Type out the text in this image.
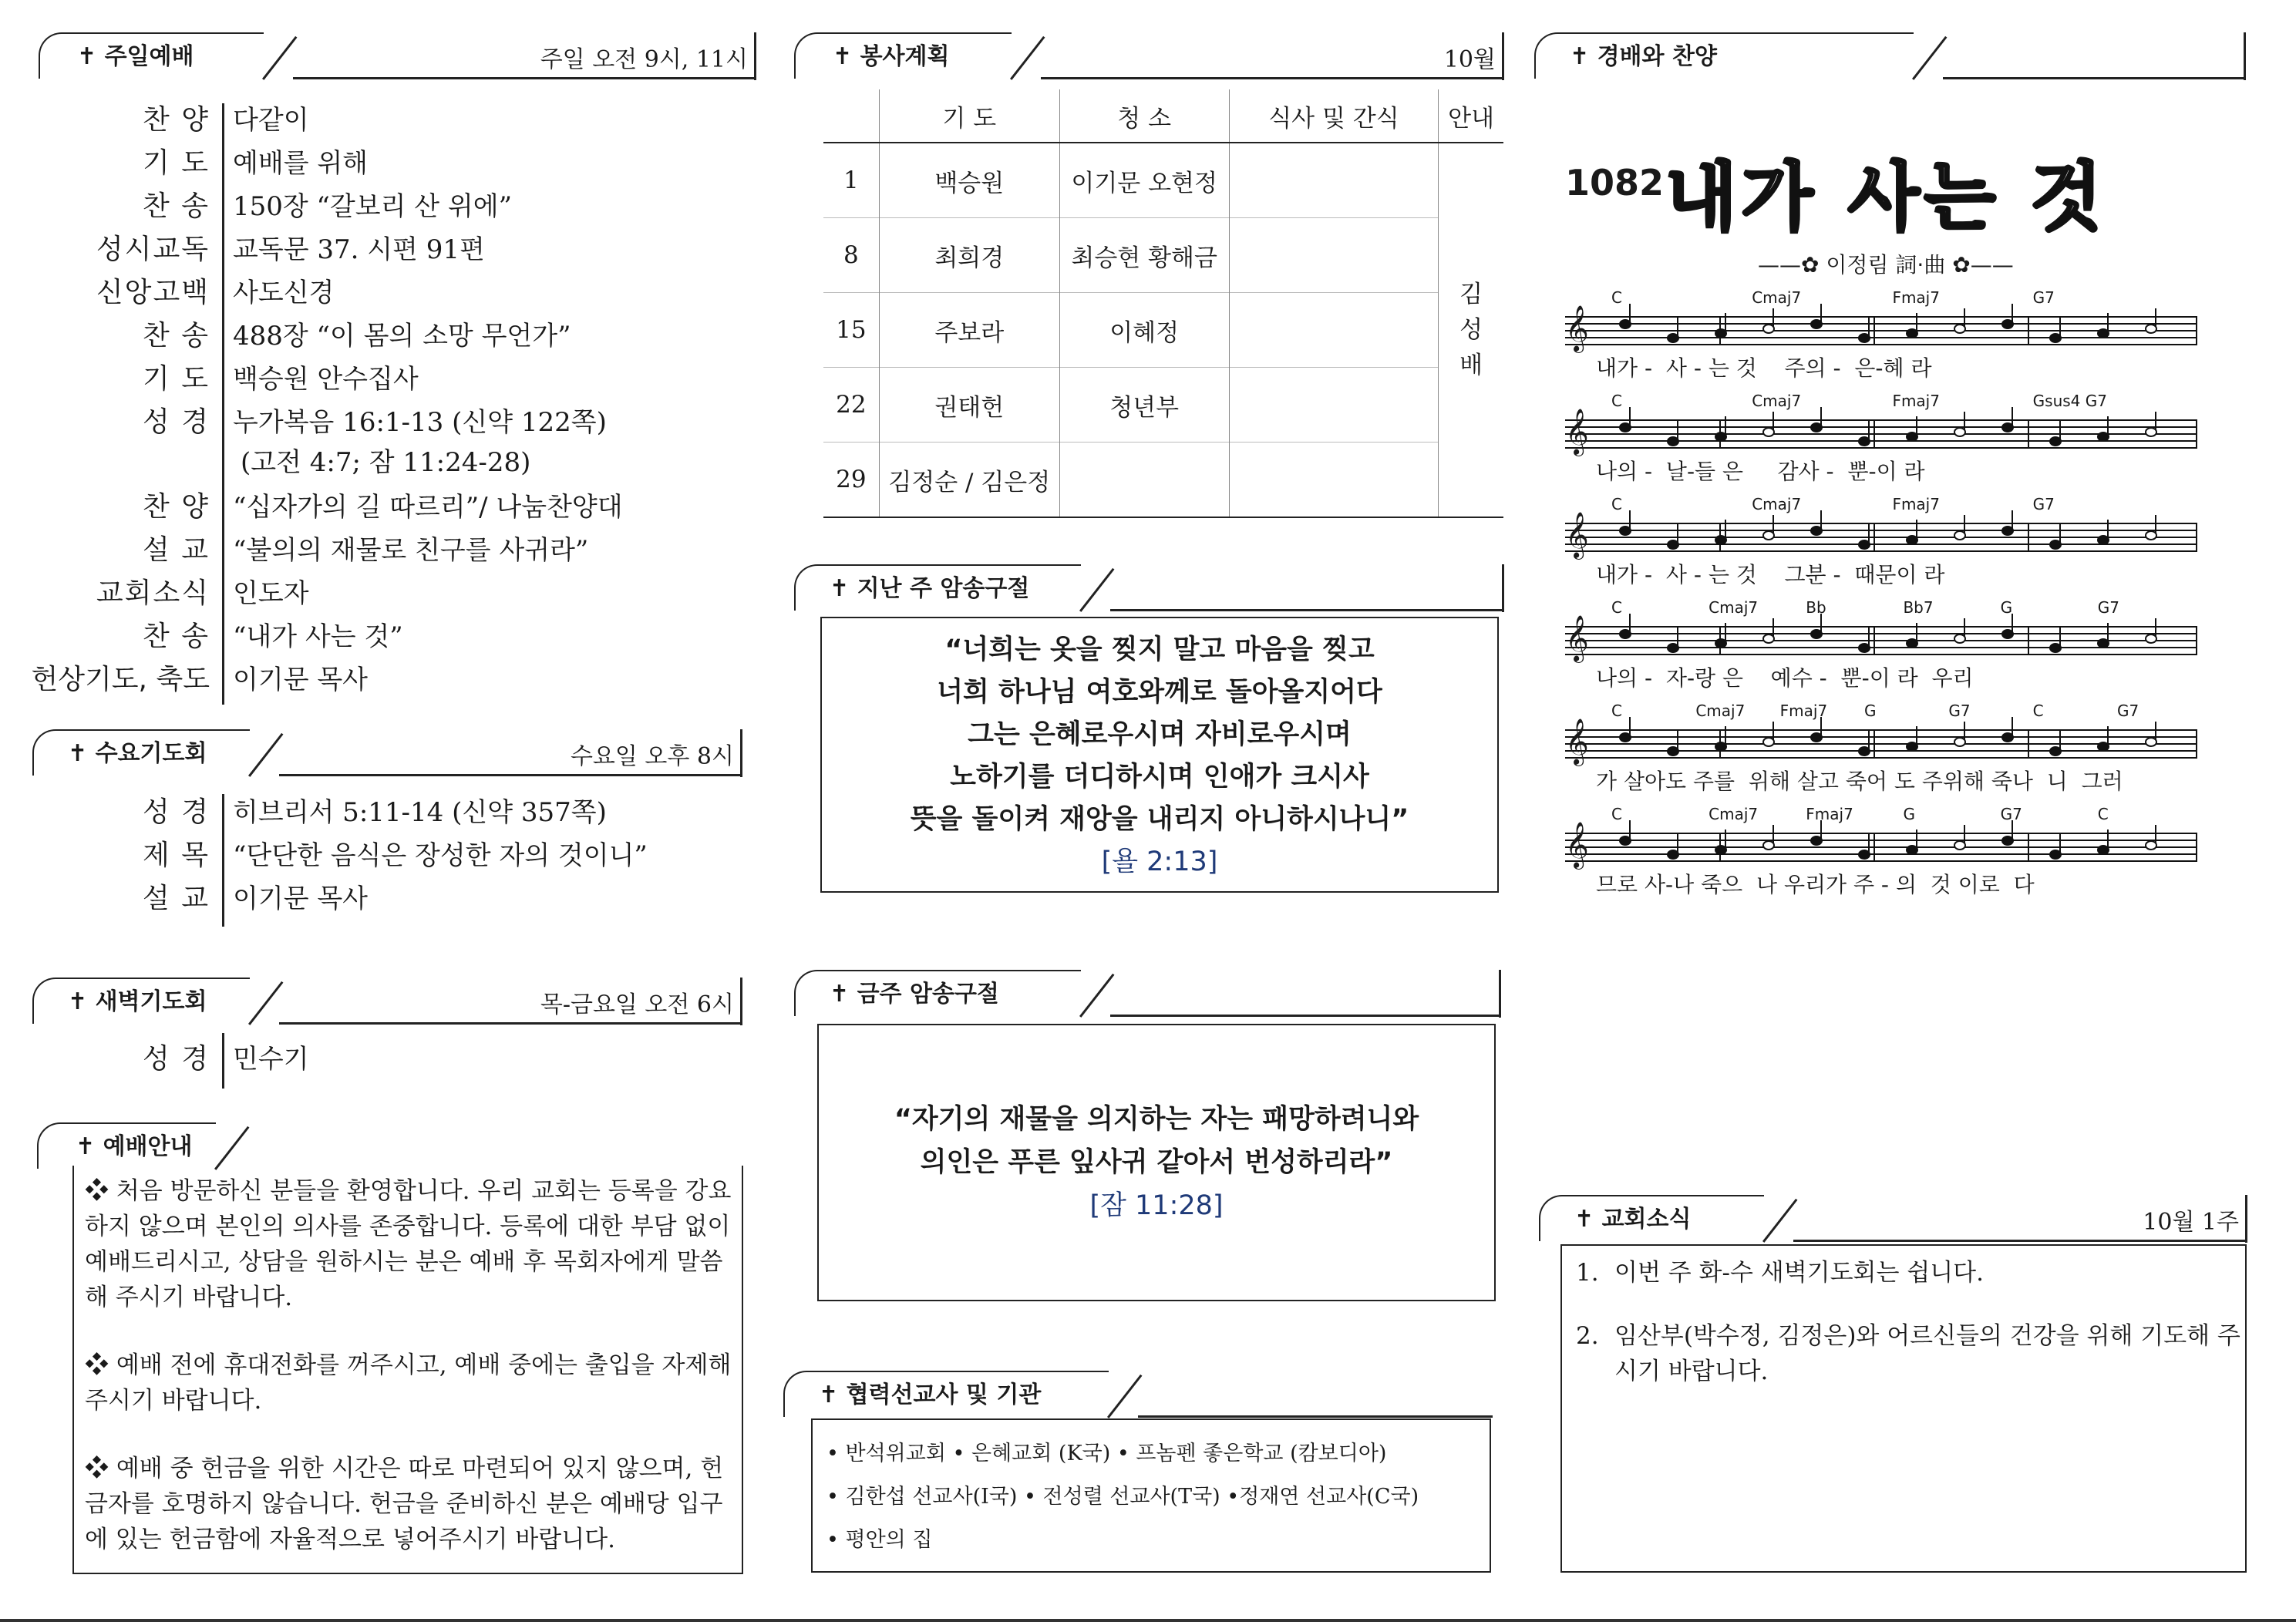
✝ 주일예배	주일 오전 9시, 11시
찬 양 다같이
기 도 예배를 위해
찬 송 150장 “갈보리 산 위에”
성시교독 교독문 37. 시편 91편
신앙고백 사도신경
찬 송 488장 “이 몸의 소망 무언가”
기 도 백승원 안수집사
성 경 누가복음 16:1-13 (신약 122쪽)
(고전 4:7; 잠 11:24-28)
찬 양 “십자가의 길 따르리”/ 나눔찬양대
설 교 “불의의 재물로 친구를 사귀라”
교회소식 인도자
찬 송 “내가 사는 것”
헌상기도, 축도 이기문 목사
✝ 수요기도회	수요일 오후 8시
성 경 히브리서 5:11-14 (신약 357쪽)
제 목 “단단한 음식은 장성한 자의 것이니”
설 교 이기문 목사
✝ 새벽기도회	목-금요일 오전 6시
성 경 민수기
✝ 예배안내
❖ 처음 방문하신 분들을 환영합니다. 우리 교회는 등록을 강요
하지 않으며 본인의 의사를 존중합니다. 등록에 대한 부담 없이
예배드리시고, 상담을 원하시는 분은 예배 후 목회자에게 말씀
해 주시기 바랍니다.
❖ 예배 전에 휴대전화를 꺼주시고, 예배 중에는 출입을 자제해
주시기 바랍니다.
❖ 예배 중 헌금을 위한 시간은 따로 마련되어 있지 않으며, 헌
금자를 호명하지 않습니다. 헌금을 준비하신 분은 예배당 입구
에 있는 헌금함에 자율적으로 넣어주시기 바랍니다.
✝ 봉사계획	10월
	기 도	청 소	식사 및 간식	안내
1	백승원	이기문 오현정		김
성
배

8	최희경	최승현 황해금		
15	주보라	이혜정		
22	권태헌	청년부		
29	김정순 / 김은정			
✝ 지난 주 암송구절
“너희는 옷을 찢지 말고 마음을 찢고
너희 하나님 여호와께로 돌아올지어다
그는 은혜로우시며 자비로우시며
노하기를 더디하시며 인애가 크시사
뜻을 돌이켜 재앙을 내리지 아니하시나니”
[욜 2:13]
✝ 금주 암송구절
“자기의 재물을 의지하는 자는 패망하려니와
의인은 푸른 잎사귀 같아서 번성하리라”
[잠 11:28]
✝ 협력선교사 및 기관
• 반석위교회 • 은혜교회 (K국) • 프놈펜 좋은학교 (캄보디아)
• 김한섭 선교사(I국) • 전성렬 선교사(T국) •정재연 선교사(C국)
• 평안의 집
✝ 경배와 찬양
1082 내가 사는 것
——✿ 이정림 詞·曲 ✿——
𝄞
C	Cmaj7	Fmaj7	G7
내가 -  사 - 는 것    주의 -  은-혜 라
𝄞
C	Cmaj7	Fmaj7	Gsus4 G7
나의 -  날-들 은     감사 -  뿐-이 라
𝄞
C	Cmaj7	Fmaj7	G7
내가 -  사 - 는 것    그분 -  때문이 라
𝄞
C	Cmaj7	Bb	Bb7	G	G7
나의 -  자-랑 은    예수 -  뿐-이 라  우리
𝄞
C	Cmaj7 Fmaj7 G	G7	C	G7
가 살아도 주를  위해 살고 죽어 도 주위해 죽나  니  그러
𝄞
C	Cmaj7	Fmaj7	G	G7	C
므로 사-나 죽으  나 우리가 주 - 의  것 이로  다
✝ 교회소식	10월 1주
1. 이번 주 화-수 새벽기도회는 쉽니다.
2. 임산부(박수정, 김정은)와 어르신들의 건강을 위해 기도해 주
시기 바랍니다.
